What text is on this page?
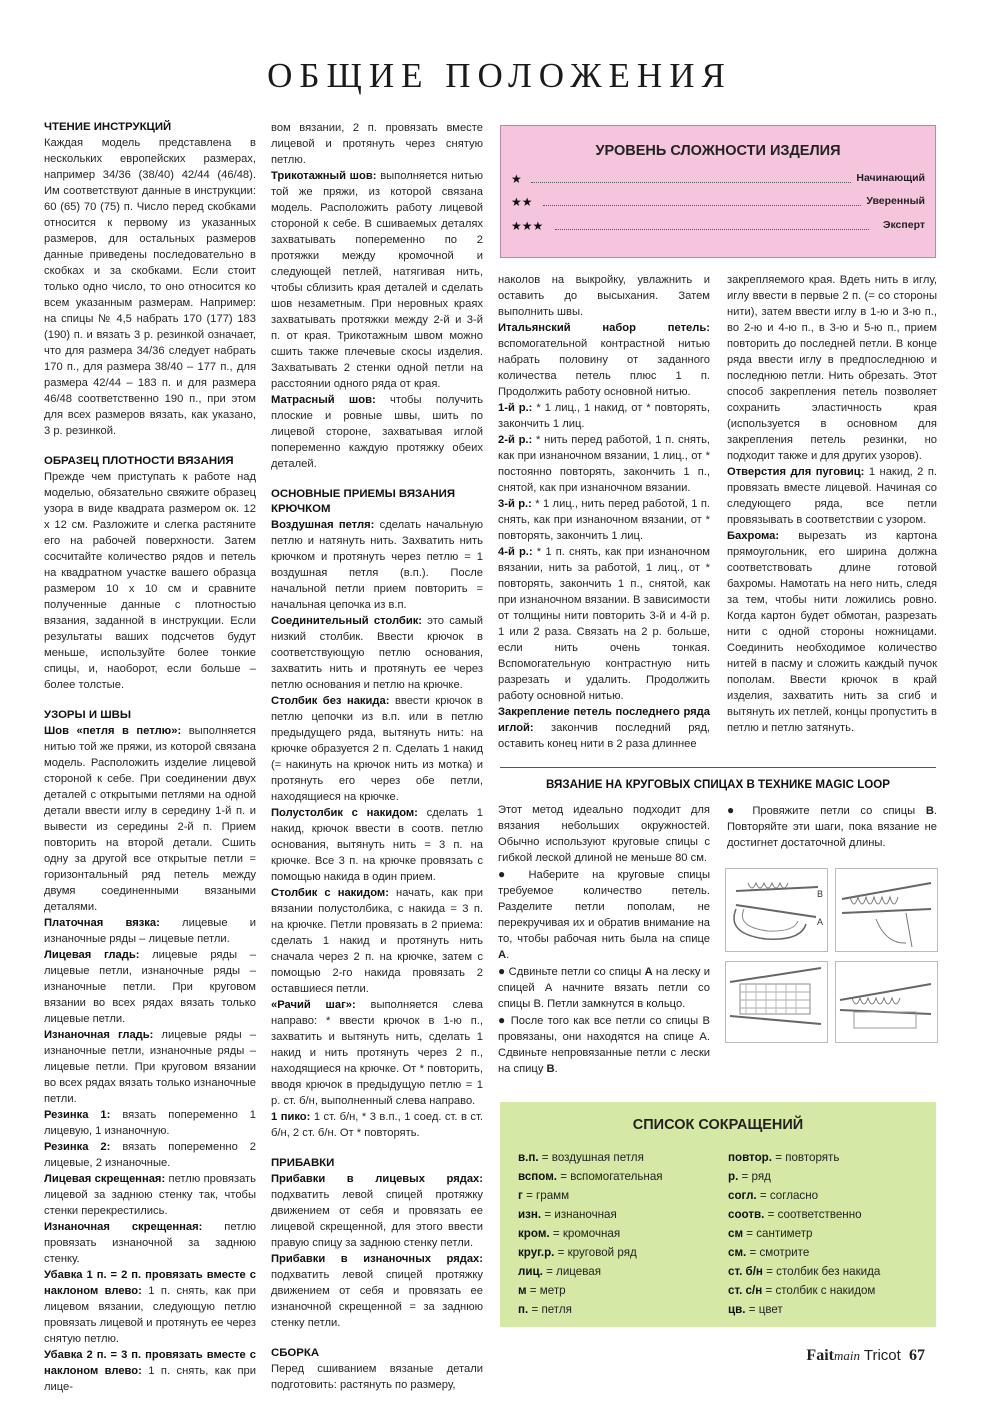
ОБЩИЕ ПОЛОЖЕНИЯ
ЧТЕНИЕ ИНСТРУКЦИЙ

Каждая модель представлена в нескольких европейских размерах, например 34/36 (38/40) 42/44 (46/48). Им соответствуют данные в инструкции: 60 (65) 70 (75) п. Число перед скобками относится к первому из указанных размеров, для остальных размеров данные приведены последовательно в скобках и за скобками. Если стоит только одно число, то оно относится ко всем указанным размерам. Например: на спицы № 4,5 набрать 170 (177) 183 (190) п. и вязать 3 р. резинкой означает, что для размера 34/36 следует набрать 170 п., для размера 38/40 – 177 п., для размера 42/44 – 183 п. и для размера 46/48 соответственно 190 п., при этом для всех размеров вязать, как указано, 3 р. резинкой.

ОБРАЗЕЦ ПЛОТНОСТИ ВЯЗАНИЯ

Прежде чем приступать к работе над моделью, обязательно свяжите образец узора в виде квадрата размером ок. 12 х 12 см. Разложите и слегка растяните его на рабочей поверхности. Затем сосчитайте количество рядов и петель на квадратном участке вашего образца размером 10 х 10 см и сравните полученные данные с плотностью вязания, заданной в инструкции. Если результаты ваших подсчетов будут меньше, используйте более тонкие спицы, и, наоборот, если больше – более толстые.

УЗОРЫ И ШВЫ

Шов «петля в петлю»: выполняется нитью той же пряжи, из которой связана модель. Расположить изделие лицевой стороной к себе. При соединении двух деталей с открытыми петлями на одной детали ввести иглу в середину 1-й п. и вывести из середины 2-й п. Прием повторить на второй детали. Сшить одну за другой все открытые петли = горизонтальный ряд петель между двумя соединенными вязаными деталями.

Платочная вязка: лицевые и изнаночные ряды – лицевые петли.

Лицевая гладь: лицевые ряды – лицевые петли, изнаночные ряды – изнаночные петли. При круговом вязании во всех рядах вязать только лицевые петли.

Изнаночная гладь: лицевые ряды – изнаночные петли, изнаночные ряды – лицевые петли. При круговом вязании во всех рядах вязать только изнаночные петли.

Резинка 1: вязать попеременно 1 лицевую, 1 изнаночную.

Резинка 2: вязать попеременно 2 лицевые, 2 изнаночные.

Лицевая скрещенная: петлю провязать лицевой за заднюю стенку так, чтобы стенки перекрестились.

Изнаночная скрещенная: петлю провязать изнаночной за заднюю стенку.

Убавка 1 п. = 2 п. провязать вместе с наклоном влево: 1 п. снять, как при лицевом вязании, следующую петлю провязать лицевой и протянуть ее через снятую петлю.

Убавка 2 п. = 3 п. провязать вместе с наклоном влево: 1 п. снять, как при лице-

вом вязании, 2 п. провязать вместе лицевой и протянуть через снятую петлю.

Трикотажный шов: выполняется нитью той же пряжи, из которой связана модель. Расположить работу лицевой стороной к себе. В сшиваемых деталях захватывать попеременно по 2 протяжки между кромочной и следующей петлей, натягивая нить, чтобы сблизить края деталей и сделать шов незаметным. При неровных краях захватывать протяжки между 2-й и 3-й п. от края. Трикотажным швом можно сшить также плечевые скосы изделия. Захватывать 2 стенки одной петли на расстоянии одного ряда от края.

Матрасный шов: чтобы получить плоские и ровные швы, шить по лицевой стороне, захватывая иглой попеременно каждую протяжку обеих деталей.

ОСНОВНЫЕ ПРИЕМЫ ВЯЗАНИЯ КРЮЧКОМ

Воздушная петля: сделать начальную петлю и натянуть нить. Захватить нить крючком и протянуть через петлю = 1 воздушная петля (в.п.). После начальной петли прием повторить = начальная цепочка из в.п.

Соединительный столбик: это самый низкий столбик. Ввести крючок в соответствующую петлю основания, захватить нить и протянуть ее через петлю основания и петлю на крючке.

Столбик без накида: ввести крючок в петлю цепочки из в.п. или в петлю предыдущего ряда, вытянуть нить: на крючке образуется 2 п. Сделать 1 накид (= накинуть на крючок нить из мотка) и протянуть его через обе петли, находящиеся на крючке.

Полустолбик с накидом: сделать 1 накид, крючок ввести в соотв. петлю основания, вытянуть нить = 3 п. на крючке. Все 3 п. на крючке провязать с помощью накида в один прием.

Столбик с накидом: начать, как при вязании полустолбика, с накида = 3 п. на крючке. Петли провязать в 2 приема: сделать 1 накид и протянуть нить сначала через 2 п. на крючке, затем с помощью 2-го накида провязать 2 оставшиеся петли.

«Рачий шаг»: выполняется слева направо: * ввести крючок в 1-ю п., захватить и вытянуть нить, сделать 1 накид и нить протянуть через 2 п., находящиеся на крючке. От * повторить, вводя крючок в предыдущую петлю = 1 р. ст. б/н, выполненный слева направо.

1 пико: 1 ст. б/н, * 3 в.п., 1 соед. ст. в ст. б/н, 2 ст. б/н. От * повторять.

ПРИБАВКИ

Прибавки в лицевых рядах: подхватить левой спицей протяжку движением от себя и провязать ее лицевой скрещенной, для этого ввести правую спицу за заднюю стенку петли.

Прибавки в изнаночных рядах: подхватить левой спицей протяжку движением от себя и провязать ее изнаночной скрещенной = за заднюю стенку петли.

СБОРКА

Перед сшиванием вязаные детали подготовить: растянуть по размеру,

УРОВЕНЬ СЛОЖНОСТИ ИЗДЕЛИЯ
★	Начинающий
★★	Уверенный
★★★	Эксперт

наколов на выкройку, увлажнить и оставить до высыхания. Затем выполнить швы.

Итальянский набор петель: вспомогательной контрастной нитью набрать половину от заданного количества петель плюс 1 п. Продолжить работу основной нитью.

1-й р.: * 1 лиц., 1 накид, от * повторять, закончить 1 лиц.

2-й р.: * нить перед работой, 1 п. снять, как при изнаночном вязании, 1 лиц., от * постоянно повторять, закончить 1 п., снятой, как при изнаночном вязании.

3-й р.: * 1 лиц., нить перед работой, 1 п. снять, как при изнаночном вязании, от * повторять, закончить 1 лиц.

4-й р.: * 1 п. снять, как при изнаночном вязании, нить за работой, 1 лиц., от * повторять, закончить 1 п., снятой, как при изнаночном вязании. В зависимости от толщины нити повторить 3-й и 4-й р. 1 или 2 раза. Связать на 2 р. больше, если нить очень тонкая. Вспомогательную контрастную нить разрезать и удалить. Продолжить работу основной нитью.

Закрепление петель последнего ряда иглой: закончив последний ряд, оставить конец нити в 2 раза длиннее

закрепляемого края. Вдеть нить в иглу, иглу ввести в первые 2 п. (= со стороны нити), затем ввести иглу в 1-ю и 3-ю п., во 2-ю и 4-ю п., в 3-ю и 5-ю п., прием повторить до последней петли. В конце ряда ввести иглу в предпоследнюю и последнюю петли. Нить обрезать. Этот способ закрепления петель позволяет сохранить эластичность края (используется в основном для закрепления петель резинки, но подходит также и для других узоров).

Отверстия для пуговиц: 1 накид, 2 п. провязать вместе лицевой. Начиная со следующего ряда, все петли провязывать в соответствии с узором.

Бахрома: вырезать из картона прямоугольник, его ширина должна соответствовать длине готовой бахромы. Намотать на него нить, следя за тем, чтобы нити ложились ровно. Когда картон будет обмотан, разрезать нити с одной стороны ножницами. Соединить необходимое количество нитей в пасму и сложить каждый пучок пополам. Ввести крючок в край изделия, захватить нить за сгиб и вытянуть их петлей, концы пропустить в петлю и петлю затянуть.

ВЯЗАНИЕ НА КРУГОВЫХ СПИЦАХ В ТЕХНИКЕ MAGIC LOOP

Этот метод идеально подходит для вязания небольших окружностей. Обычно используют круговые спицы с гибкой леской длиной не меньше 80 см.

● Наберите на круговые спицы требуемое количество петель. Разделите петли пополам, не перекручивая их и обратив внимание на то, чтобы рабочая нить была на спице А.

● Сдвиньте петли со спицы А на леску и спицей А начните вязать петли со спицы В. Петли замкнутся в кольцо.

● После того как все петли со спицы В провязаны, они находятся на спице А. Сдвиньте непровязанные петли с лески на спицу В.

● Провяжите петли со спицы В. Повторяйте эти шаги, пока вязание не достигнет достаточной длины.

B
A
СПИСОК СОКРАЩЕНИЙ
в.п. = воздушная петля
вспом. = вспомогательная
г = грамм
изн. = изнаночная
кром. = кромочная
круг.р. = круговой ряд
лиц. = лицевая
м = метр
п. = петля
повтор. = повторять
р. = ряд
согл. = согласно
соотв. = соответственно
см = сантиметр
см. = смотрите
ст. б/н = столбик без накида
ст. с/н = столбик с накидом
цв. = цвет
Faitmain Tricot 67
